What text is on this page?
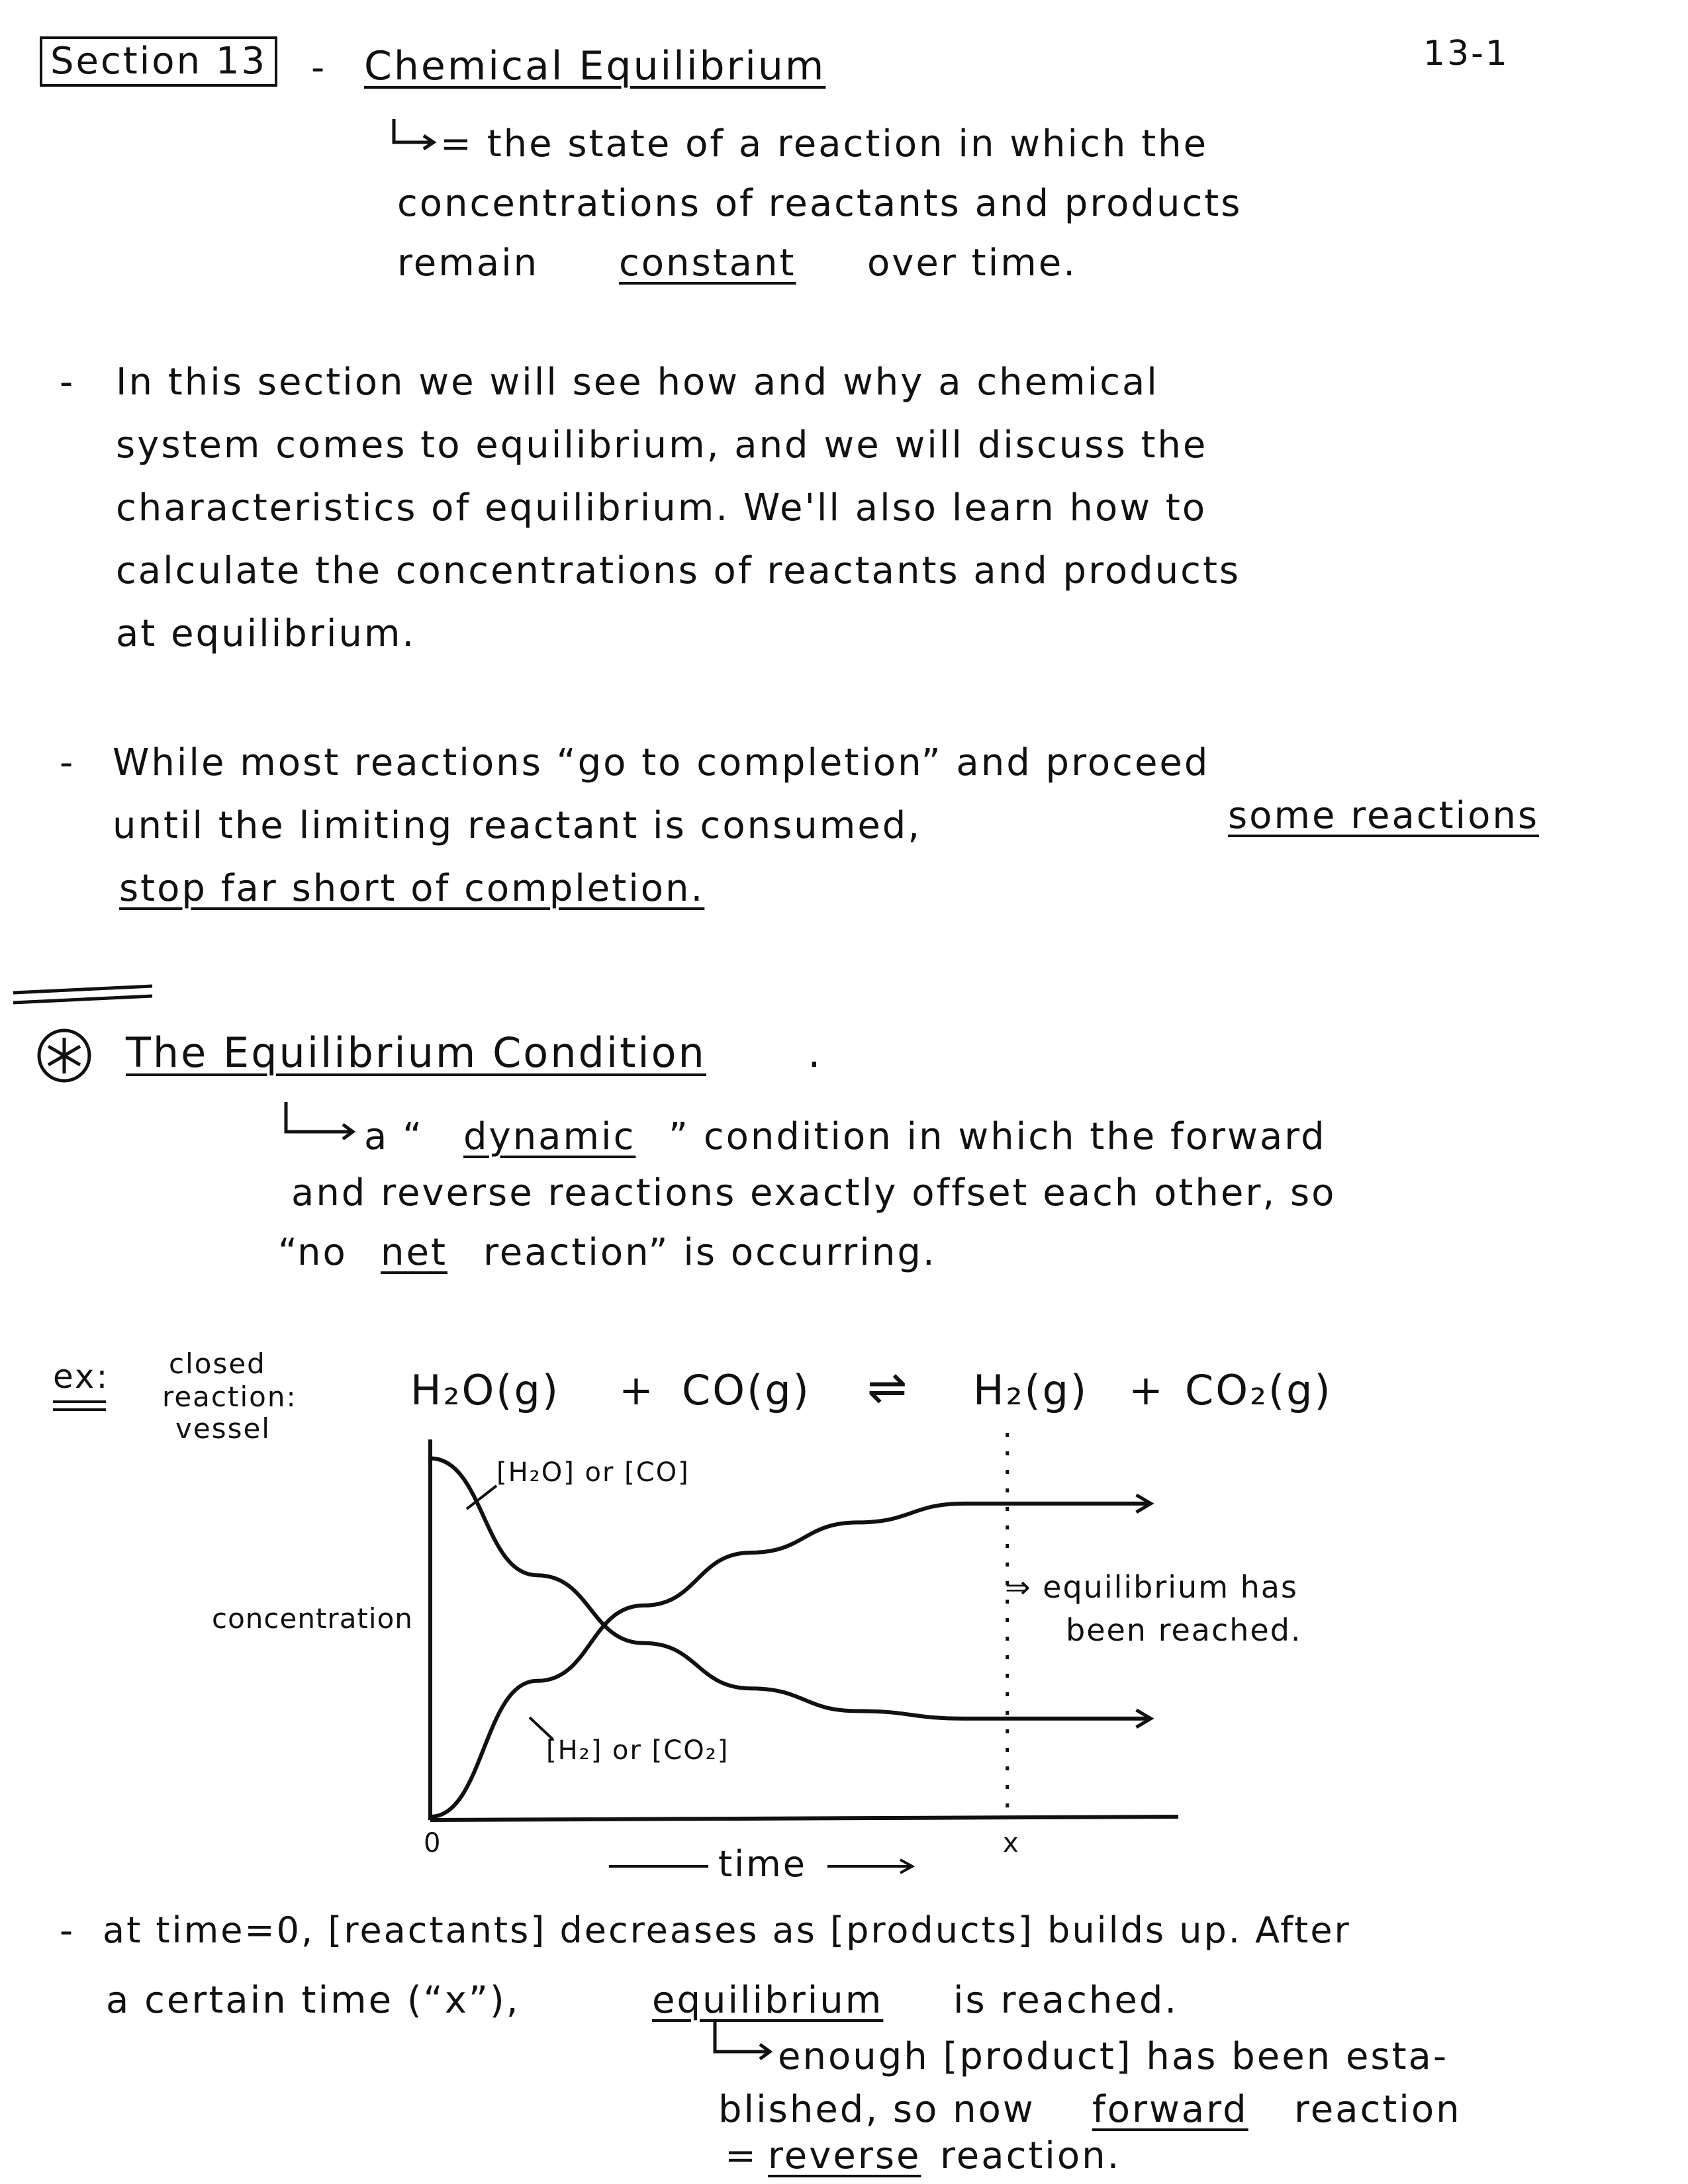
13-1
Section 13 - Chemical Equilibrium
= the state of a reaction in which the
concentrations of reactants and products
remain constant over time.
- In this section we will see how and why a chemical
system comes to equilibrium, and we will discuss the
characteristics of equilibrium. We'll also learn how to
calculate the concentrations of reactants and products
at equilibrium.
- While most reactions “go to completion” and proceed
until the limiting reactant is consumed,	some reactions
stop far short of completion.
The Equilibrium Condition .
a “ dynamic ” condition in which the forward
and reverse reactions exactly offset each other, so
“no net reaction” is occurring.
ex: closed
reaction:
vessel
H₂O(g) + CO(g) ⇌ H₂(g) + CO₂(g)
concentration
[H₂O] or [CO]
[H₂] or [CO₂]
⇒ equilibrium has
been reached.
0	x
time
- at time=0, [reactants] decreases as [products] builds up. After
a certain time (“x”),	equilibrium is reached.
enough [product] has been esta-
blished, so now forward reaction
= reverse reaction.
